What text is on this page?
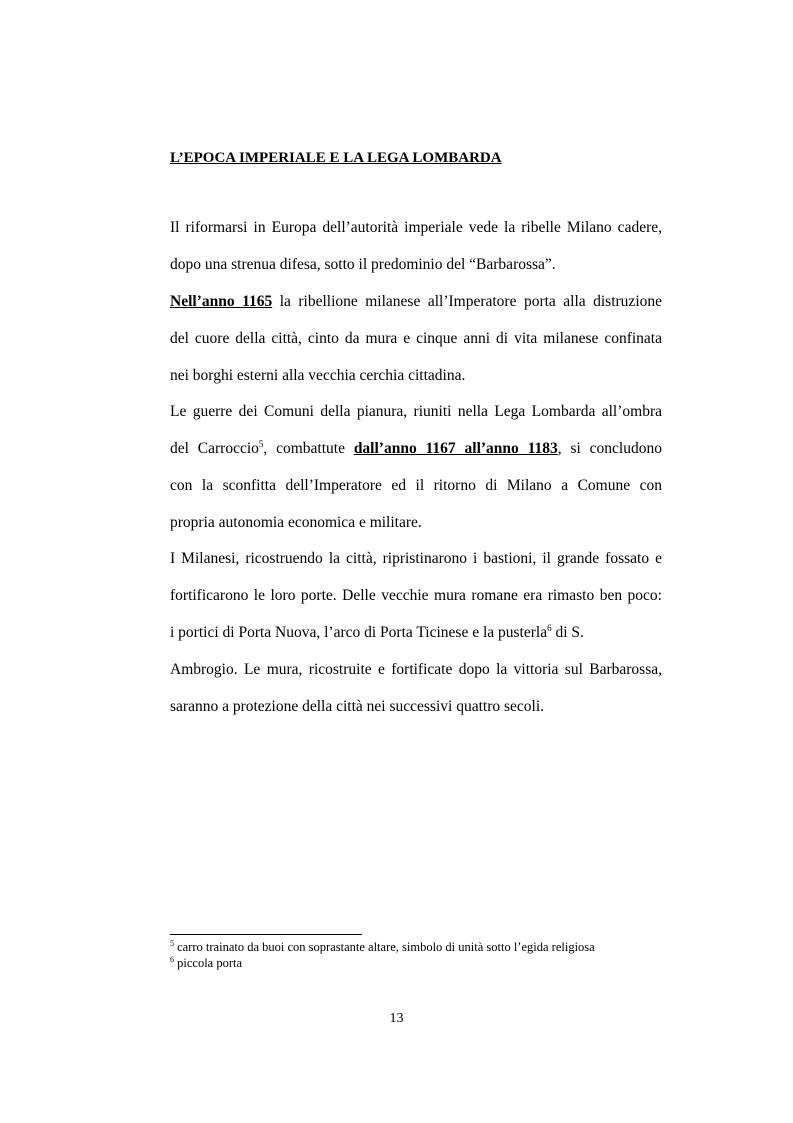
L’EPOCA IMPERIALE E LA LEGA LOMBARDA
Il riformarsi in Europa dell’autorità imperiale vede la ribelle Milano cadere,
dopo una strenua difesa, sotto il predominio del “Barbarossa”.
Nell’anno 1165 la ribellione milanese all’Imperatore porta alla distruzione
del cuore della città, cinto da mura e cinque anni di vita milanese confinata
nei borghi esterni alla vecchia cerchia cittadina.
Le guerre dei Comuni della pianura, riuniti nella Lega Lombarda all’ombra
del Carroccio$^5$, combattute dall’anno 1167 all’anno 1183, si concludono
con la sconfitta dell’Imperatore ed il ritorno di Milano a Comune con
propria autonomia economica e militare.
I Milanesi, ricostruendo la città, ripristinarono i bastioni, il grande fossato e
fortificarono le loro porte. Delle vecchie mura romane era rimasto ben poco:
i portici di Porta Nuova, l’arco di Porta Ticinese e la pusterla$^6$ di S.
Ambrogio. Le mura, ricostruite e fortificate dopo la vittoria sul Barbarossa,
saranno a protezione della città nei successivi quattro secoli.
$^5$ carro trainato da buoi con soprastante altare, simbolo di unità sotto l’egida religiosa
$^6$ piccola porta
13
